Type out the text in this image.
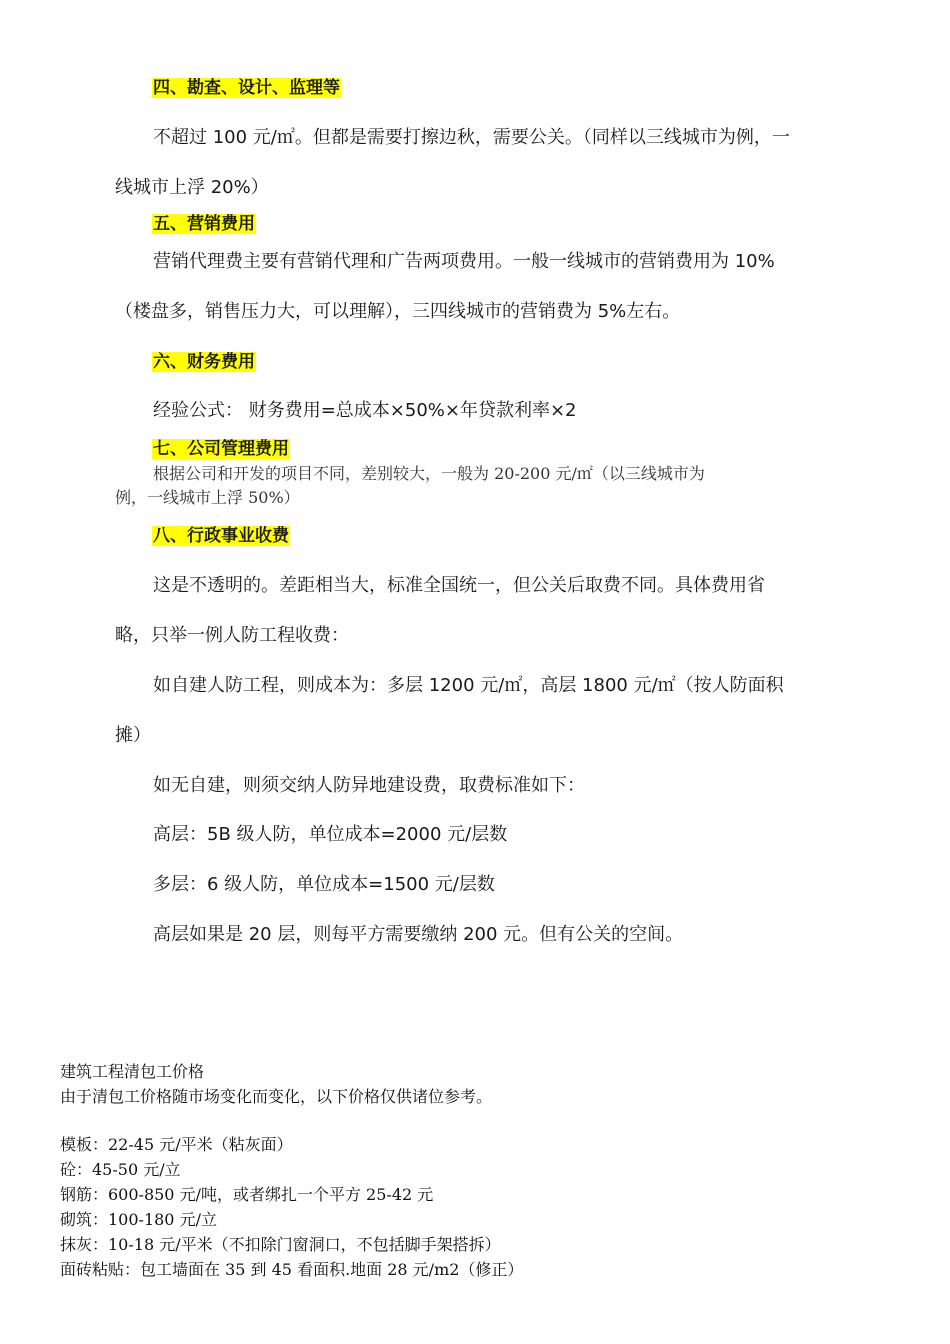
四、勘查、设计、监理等
不超过 100 元/㎡。但都是需要打擦边秋，需要公关。（同样以三线城市为例，一
线城市上浮 20%）
五、营销费用
营销代理费主要有营销代理和广告两项费用。一般一线城市的营销费用为 10%
（楼盘多，销售压力大，可以理解），三四线城市的营销费为 5%左右。
六、财务费用
经验公式： 财务费用=总成本×50%×年贷款利率×2
七、公司管理费用
根据公司和开发的项目不同，差别较大，一般为 20-200 元/㎡（以三线城市为
例，一线城市上浮 50%）
八、行政事业收费
这是不透明的。差距相当大，标准全国统一，但公关后取费不同。具体费用省
略，只举一例人防工程收费：
如自建人防工程，则成本为：多层 1200 元/㎡，高层 1800 元/㎡（按人防面积
摊）
如无自建，则须交纳人防异地建设费，取费标准如下：
高层：5B 级人防，单位成本=2000 元/层数
多层：6 级人防，单位成本=1500 元/层数
高层如果是 20 层，则每平方需要缴纳 200 元。但有公关的空间。
建筑工程清包工价格
由于清包工价格随市场变化而变化，以下价格仅供诸位参考。
模板：22-45 元/平米（粘灰面）
砼：45-50 元/立
钢筋：600-850 元/吨，或者绑扎一个平方 25-42 元
砌筑：100-180 元/立
抹灰：10-18 元/平米（不扣除门窗洞口，不包括脚手架搭拆）
面砖粘贴：包工墙面在 35 到 45 看面积.地面 28 元/m2（修正）
